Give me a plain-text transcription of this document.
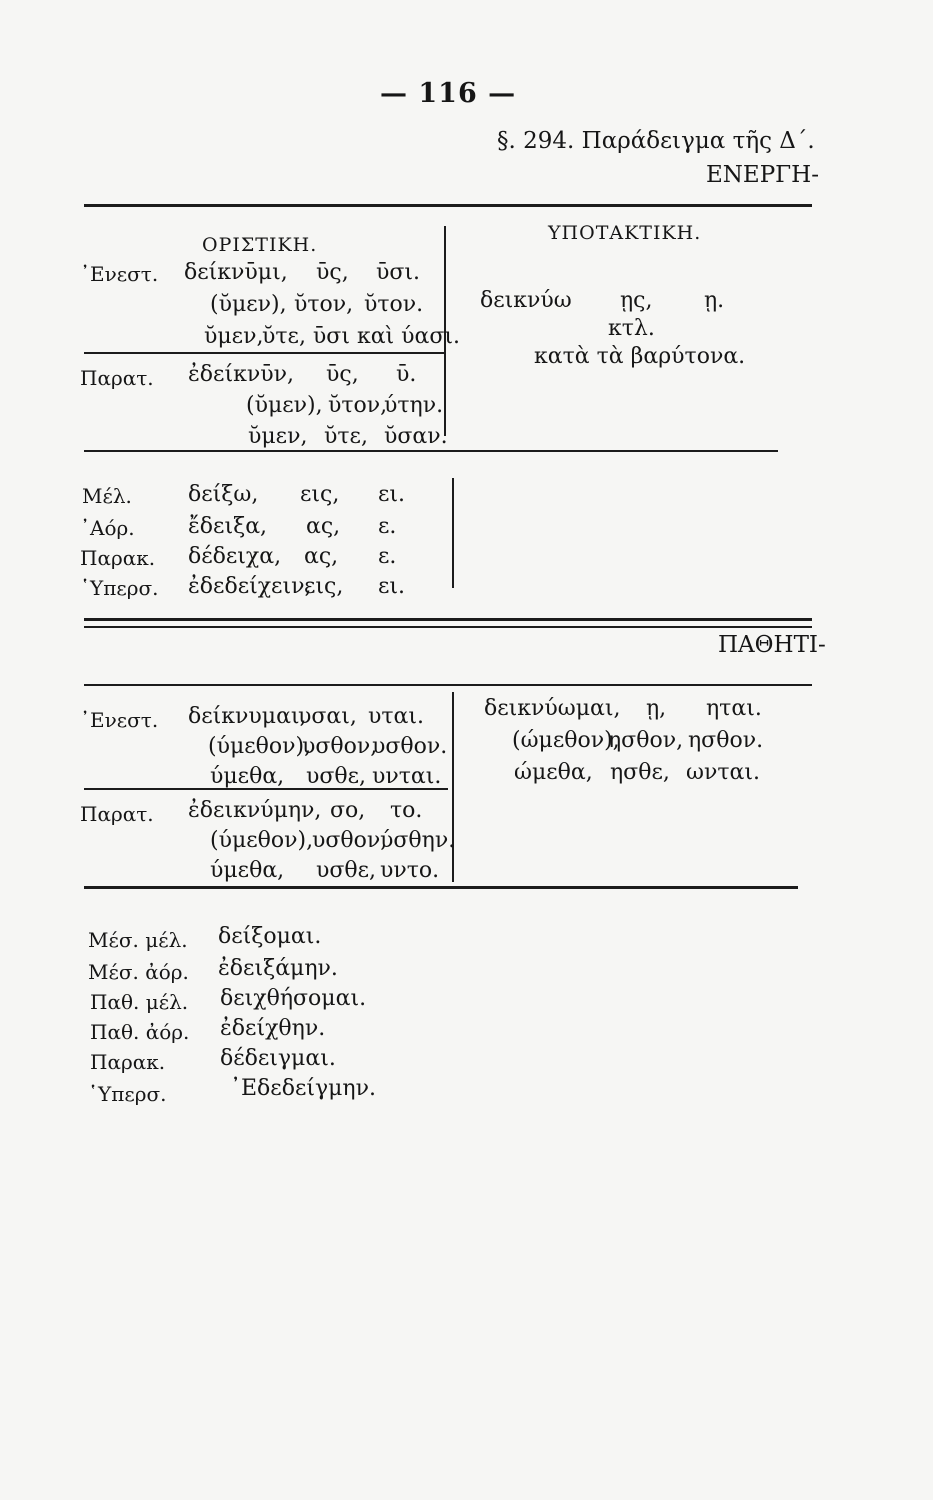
— 116 —
§. 294. Παράδειγμα τῆς Δ΄.
ΕΝΕΡΓΗ-
ΟΡΙΣΤΙΚΗ.
ΥΠΟΤΑΚΤΙΚΗ.
᾿Ενεστ. δείκνῡμι, ῡς, ῡσι.
(ῠμεν), ῠτον, ῠτον.
ῠμεν,
ῠτε, ῡσι καὶ ύασι.
Παρατ. ἐδείκνῡν, ῡς, ῡ.
(ῠμεν), ῠτον,
ύτην.
ῠμεν, ῠτε, ῠσαν.
δεικνύω ῃς, ῃ.
κτλ.
κατὰ τὰ βαρύτονα.
Μέλ.	δείξω, εις, ει.
᾿Αόρ. ἔδειξα, ας, ε.
Παρακ. δέδειχα, ας, ε.
῾Υπερσ. ἐδεδείχειν,
εις, ει.
ΠΑΘΗΤΙ-
᾿Ενεστ. δείκνυμαι,
υσαι, υται.
(ύμεθον),
υσθον,
υσθον.
ύμεθα, υσθε, υνται.
Παρατ. ἐδεικνύμην, σο, το.
(ύμεθον),
υσθον,
ύσθην.
ύμεθα, υσθε, υντο.
δεικνύωμαι, ῃ, ηται.
(ώμεθον),
ησθον, ησθον.
ώμεθα, ησθε, ωνται.
Μέσ. μέλ. δείξομαι.
Μέσ. ἀόρ. ἐδειξάμην.
Παθ. μέλ. δειχθήσομαι.
Παθ. ἀόρ. ἐδείχθην.
Παρακ. δέδειγμαι.
῾Υπερσ.	᾿Εδεδείγμην.
